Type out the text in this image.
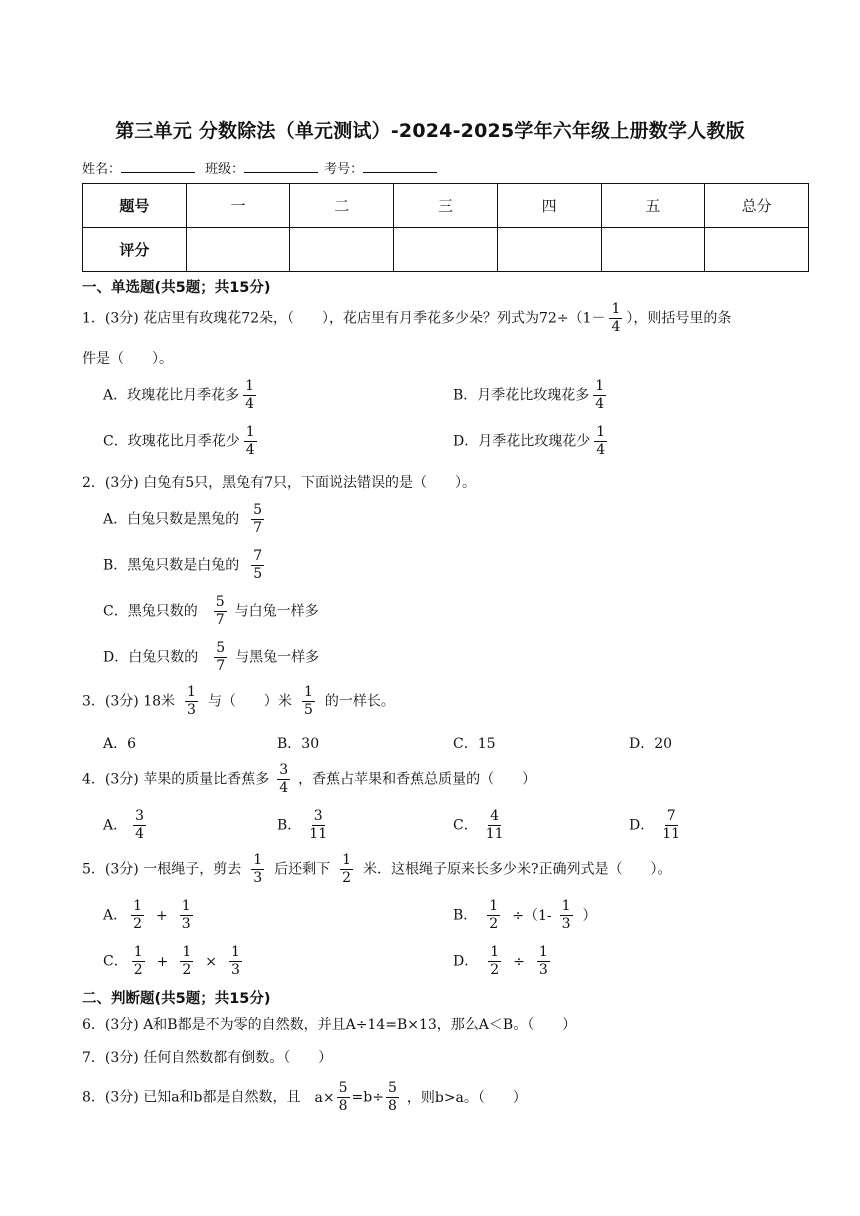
第三单元 分数除法（单元测试）-2024-2025学年六年级上册数学人教版
姓名：	班级：	考号：
题号	一	二	三	四	五	总分
评分						
一、单选题(共5题；共15分)
1．(3分) 花店里有玫瑰花72朵，（　　），花店里有月季花多少朵？列式为$72\div(1- \frac{1}{4}$ ），则括号里的条
件是（　　）。
A．玫瑰花比月季花多 $\frac{1}{4}$	B．月季花比玫瑰花多 $\frac{1}{4}$
C．玫瑰花比月季花少 $\frac{1}{4}$	D．月季花比玫瑰花少 $\frac{1}{4}$
2．(3分) 白兔有5只，黑兔有7只，下面说法错误的是（　　）。
A．白兔只数是黑兔的 $\frac{5}{7}$
B．黑兔只数是白兔的 $\frac{7}{5}$
C．黑兔只数的 $\frac{5}{7}$ 与白兔一样多
D．白兔只数的 $\frac{5}{7}$ 与黑兔一样多
3．(3分) 18米 $\frac{1}{3}$ 与（　　）米 $\frac{1}{5}$ 的一样长。
A．6	B．30	C．15	D．20
4．(3分) 苹果的质量比香蕉多 $\frac{3}{4}$ ，香蕉占苹果和香蕉总质量的（　　）
A． $\frac{3}{4}$	B． $\frac{3}{11}$	C． $\frac{4}{11}$	D． $\frac{7}{11}$
5．(3分) 一根绳子，剪去 $\frac{1}{3}$ 后还剩下 $\frac{1}{2}$ 米．这根绳子原来长多少米?正确列式是（　　）。
A． $\frac{1}{2} + \frac{1}{3}$	B． $\frac{1}{2} \div(1- \frac{1}{3}$ ）
C． $\frac{1}{2} + \frac{1}{2} \times \frac{1}{3}$	D． $\frac{1}{2} \div \frac{1}{3}$
二、判断题(共5题；共15分)
6．(3分) A和B都是不为零的自然数，并且A÷14=B×13，那么A＜B。（　　）
7．(3分) 任何自然数都有倒数。（　　）
8．(3分) 已知a和b都是自然数，且 $a\times \frac{5}{8} =b\div \frac{5}{8}$ ，则b>a。（　　）
